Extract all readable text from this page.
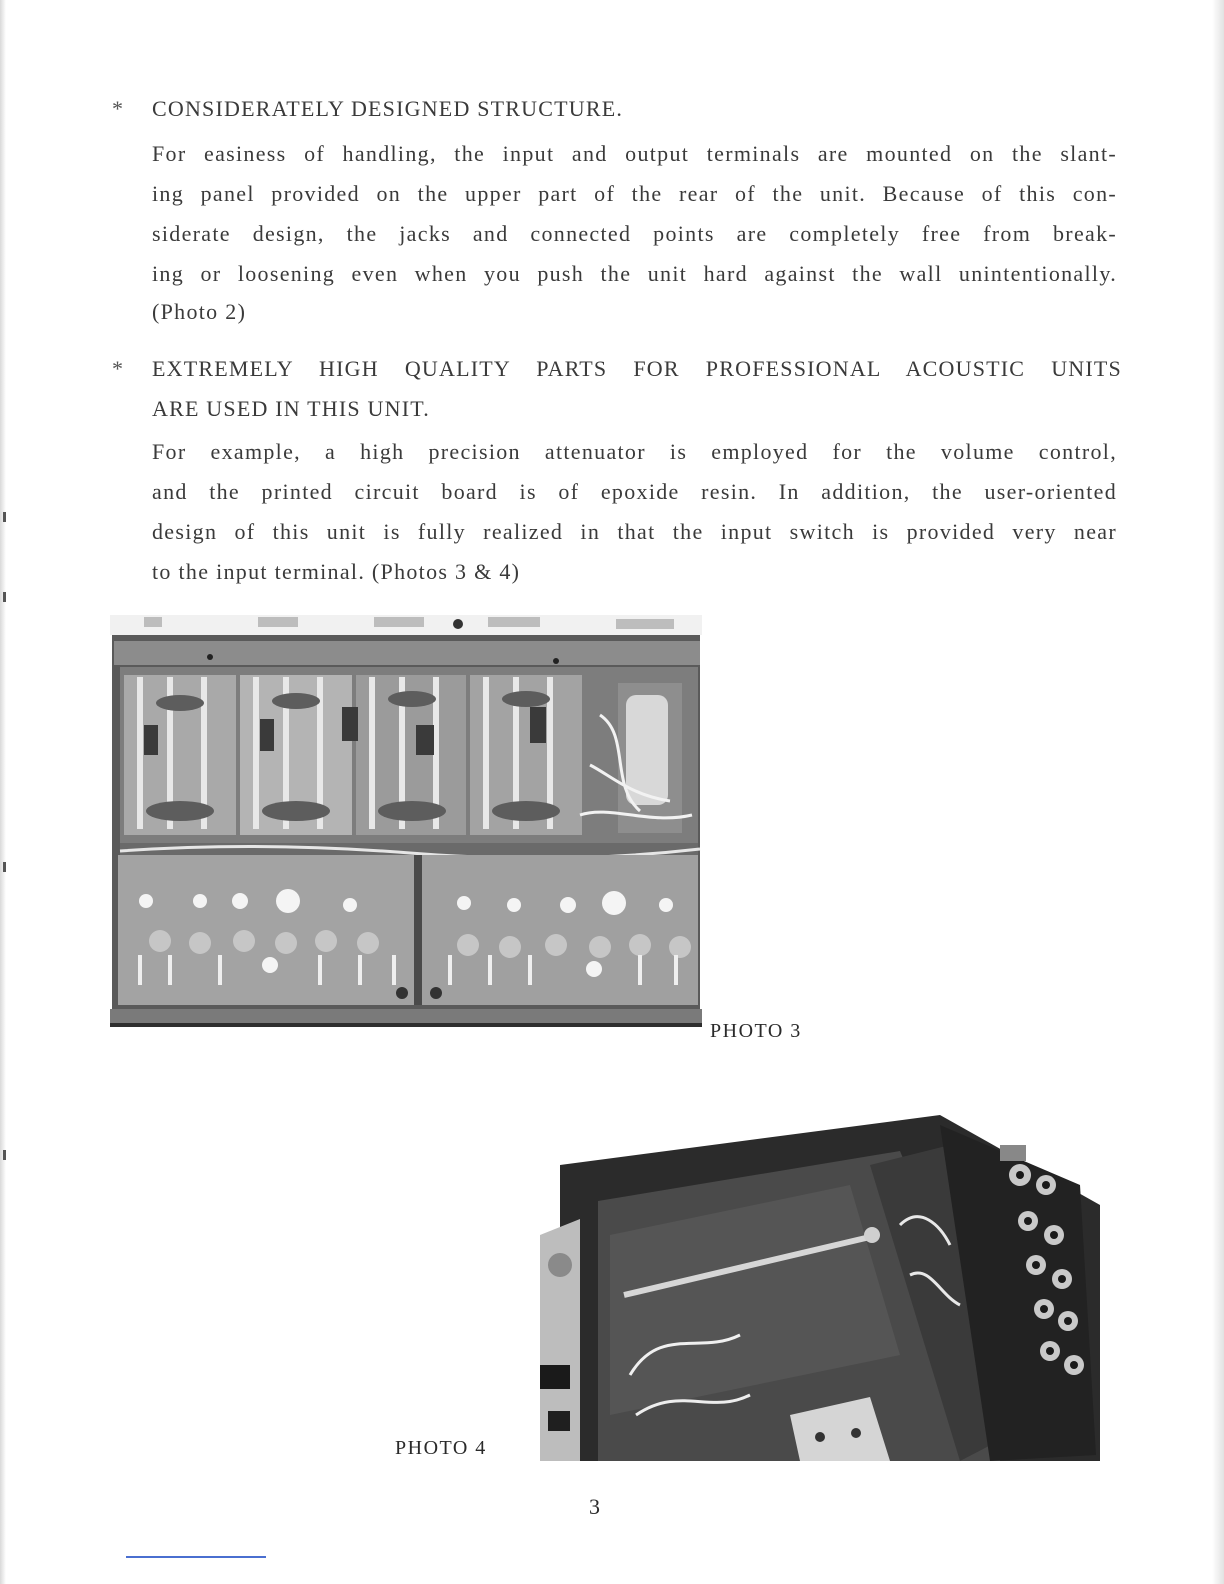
* CONSIDERATELY DESIGNED STRUCTURE.
For easiness of handling, the input and output terminals are mounted on the slant-
ing panel provided on the upper part of the rear of the unit. Because of this con-
siderate design, the jacks and connected points are completely free from break-
ing or loosening even when you push the unit hard against the wall unintentionally.
(Photo 2)
* EXTREMELY HIGH QUALITY PARTS FOR PROFESSIONAL ACOUSTIC UNITS
ARE USED IN THIS UNIT.
For example, a high precision attenuator is employed for the volume control,
and the printed circuit board is of epoxide resin. In addition, the user-oriented
design of this unit is fully realized in that the input switch is provided very near
to the input terminal. (Photos 3 & 4)
PHOTO 3
PHOTO 4
3
